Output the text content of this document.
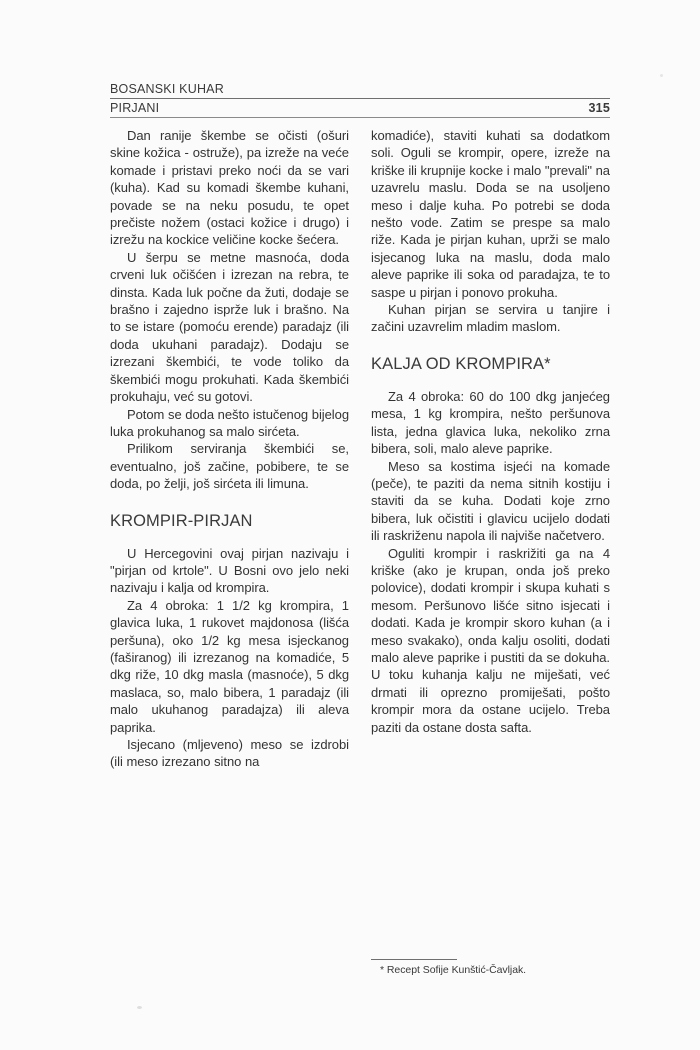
BOSANSKI KUHAR
PIRJANI	315

Dan ranije škembe se očisti (ošuri skine kožica - ostruže), pa izreže na veće komade i pristavi preko noći da se vari (kuha). Kad su komadi škembe kuhani, povade se na neku posudu, te opet prečiste nožem (ostaci kožice i drugo) i izrežu na kockice veličine kocke šećera.

U šerpu se metne masnoća, doda crveni luk očišćen i izrezan na rebra, te dinsta. Kada luk počne da žuti, dodaje se brašno i zajedno isprže luk i brašno. Na to se istare (pomoću erende) paradajz (ili doda ukuhani paradajz). Dodaju se izrezani škembići, te vode toliko da škembići mogu prokuhati. Kada škembići prokuhaju, već su gotovi.

Potom se doda nešto istučenog bijelog luka prokuhanog sa malo sirćeta.

Prilikom serviranja škembići se, eventualno, još začine, pobibere, te se doda, po želji, još sirćeta ili limuna.

KROMPIR-PIRJAN

U Hercegovini ovaj pirjan nazivaju i "pirjan od krtole". U Bosni ovo jelo neki nazivaju i kalja od krompira.

Za 4 obroka: 1 1/2 kg krompira, 1 glavica luka, 1 rukovet majdonosa (lišća peršuna), oko 1/2 kg mesa isjeckanog (faširanog) ili izrezanog na komadiće, 5 dkg riže, 10 dkg masla (masnoće), 5 dkg maslaca, so, malo bibera, 1 paradajz (ili malo ukuhanog paradajza) ili aleva paprika.

Isjecano (mljeveno) meso se izdrobi (ili meso izrezano sitno na

komadiće), staviti kuhati sa dodatkom soli. Oguli se krompir, opere, izreže na kriške ili krupnije kocke i malo "prevali" na uzavrelu maslu. Doda se na usoljeno meso i dalje kuha. Po potrebi se doda nešto vode. Zatim se prespe sa malo riže. Kada je pirjan kuhan, uprži se malo isjecanog luka na maslu, doda malo aleve paprike ili soka od paradajza, te to saspe u pirjan i ponovo prokuha.

Kuhan pirjan se servira u tanjire i začini uzavrelim mladim maslom.

KALJA OD KROMPIRA*

Za 4 obroka: 60 do 100 dkg janjećeg mesa, 1 kg krompira, nešto peršunova lista, jedna glavica luka, nekoliko zrna bibera, soli, malo aleve paprike.

Meso sa kostima isjeći na komade (peče), te paziti da nema sitnih kostiju i staviti da se kuha. Dodati koje zrno bibera, luk očistiti i glavicu ucijelo dodati ili raskriženu napola ili najviše načetvero.

Oguliti krompir i raskrižiti ga na 4 kriške (ako je krupan, onda još preko polovice), dodati krompir i skupa kuhati s mesom. Peršunovo lišće sitno isjecati i dodati. Kada je krompir skoro kuhan (a i meso svakako), onda kalju osoliti, dodati malo aleve paprike i pustiti da se dokuha. U toku kuhanja kalju ne miješati, već drmati ili oprezno promiješati, pošto krompir mora da ostane ucijelo. Treba paziti da ostane dosta safta.

* Recept Sofije Kunštić-Čavljak.
